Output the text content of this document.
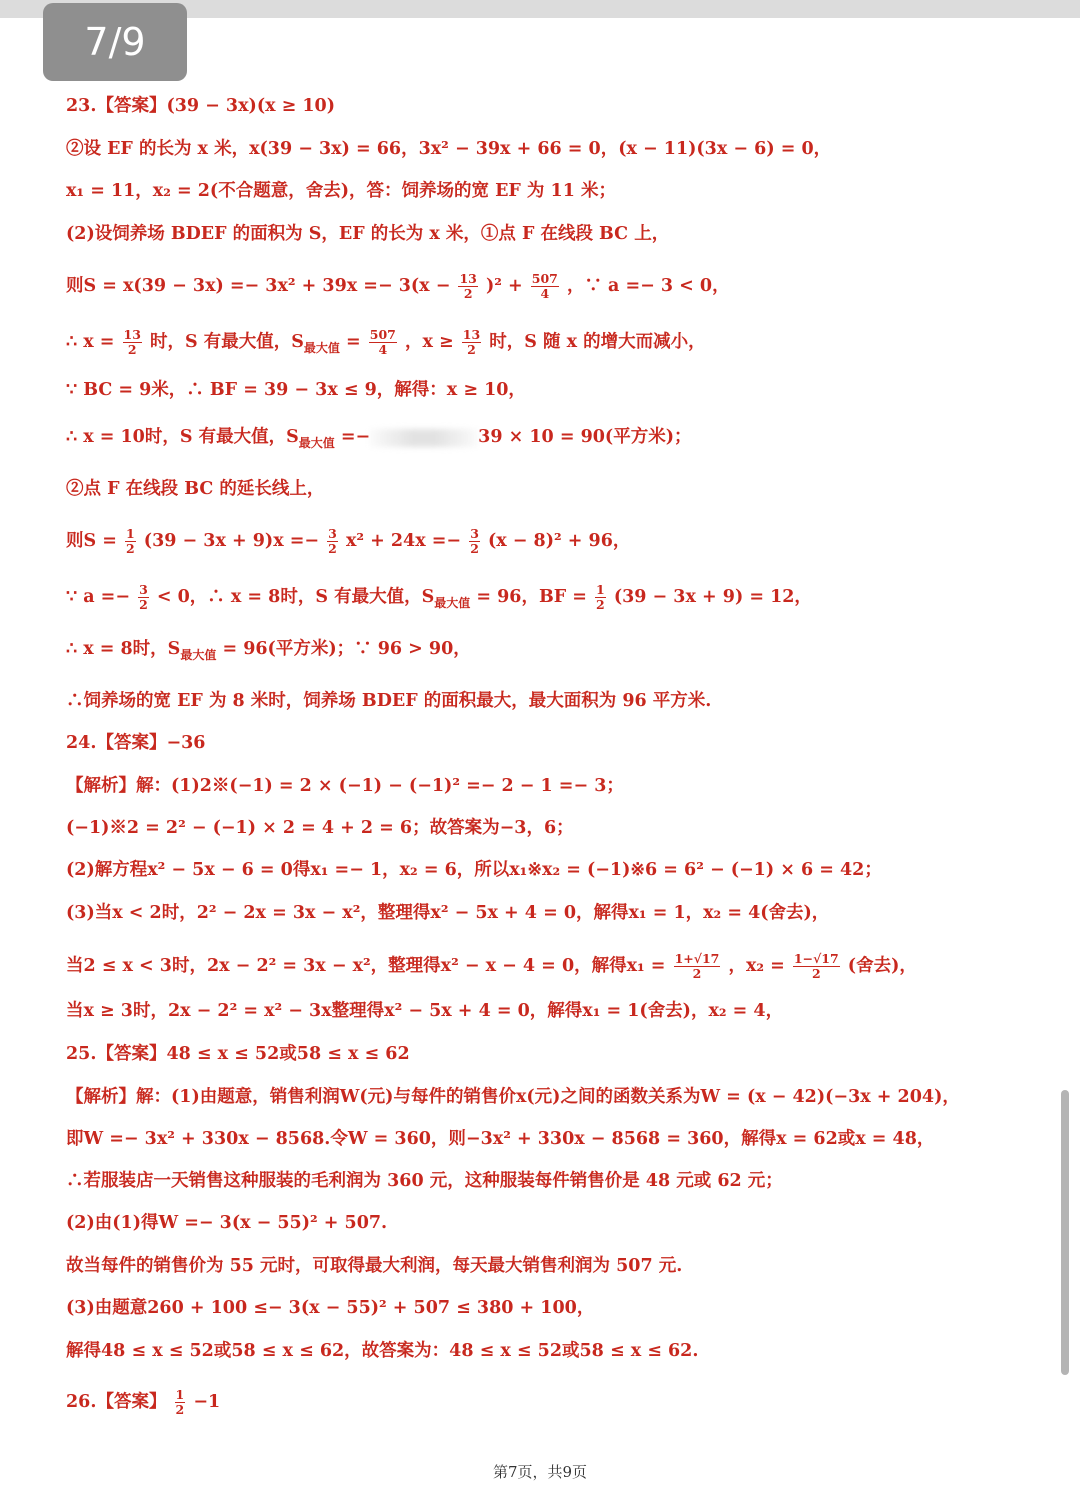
7/9
23.【答案】(39 − 3x)(x ≥ 10)
②设 EF 的长为 x 米，x(39 − 3x) = 66，3x² − 39x + 66 = 0，(x − 11)(3x − 6) = 0，
x₁ = 11，x₂ = 2(不合题意，舍去)，答：饲养场的宽 EF 为 11 米；
(2)设饲养场 BDEF 的面积为 S，EF 的长为 x 米，①点 F 在线段 BC 上，
则$S = x(39 - 3x) =- 3x^2 + 39x =- 3(x - \frac{13}{2} )^2 + \frac{507}{4}$ ，∵ a =− 3 < 0，
∴ $x = \frac{13}{2}$ 时，S 有最大值，$S_{最大值} = \frac{507}{4}$ ，$x \ge \frac{13}{2}$ 时，S 随 x 的增大而减小，
∵ BC = 9米，∴ BF = 39 − 3x ≤ 9，解得：x ≥ 10，
∴ x = 10时，S 有最大值，$S_{最大值}$ =−	39 × 10 = 90(平方米)；
②点 F 在线段 BC 的延长线上，
则$S = \frac{1}{2} (39 - 3x + 9)x =- \frac{3}{2} x^2 + 24x =- \frac{3}{2} (x - 8)^2 + 96$，
∵ $a =- \frac{3}{2} < 0$，∴ x = 8时，S 有最大值，$S_{最大值} = 96$，BF = $\frac{1}{2} (39 - 3x + 9) = 12$，
∴ x = 8时，$S_{最大值} = 96$(平方米)；∵ 96 > 90，
∴饲养场的宽 EF 为 8 米时，饲养场 BDEF 的面积最大，最大面积为 96 平方米.
24.【答案】−36
【解析】解：(1)2※(−1) = 2 × (−1) − (−1)² =− 2 − 1 =− 3；
(−1)※2 = 2² − (−1) × 2 = 4 + 2 = 6；故答案为−3，6；
(2)解方程x² − 5x − 6 = 0得x₁ =− 1，x₂ = 6，所以x₁※x₂ = (−1)※6 = 6² − (−1) × 6 = 42；
(3)当x < 2时，2² − 2x = 3x − x²，整理得x² − 5x + 4 = 0，解得x₁ = 1，x₂ = 4(舍去)，
当2 ≤ x < 3时，2x − 2² = 3x − x²，整理得x² − x − 4 = 0，解得$x_1 = \frac{1+√17}{2}$ ，$x_2 = \frac{1-√17}{2}$ (舍去)，
当x ≥ 3时，2x − 2² = x² − 3x整理得x² − 5x + 4 = 0，解得x₁ = 1(舍去)，x₂ = 4，
25.【答案】48 ≤ x ≤ 52或58 ≤ x ≤ 62
【解析】解：(1)由题意，销售利润W(元)与每件的销售价x(元)之间的函数关系为W = (x − 42)(−3x + 204)，
即W =− 3x² + 330x − 8568.令W = 360，则−3x² + 330x − 8568 = 360，解得x = 62或x = 48，
∴若服装店一天销售这种服装的毛利润为 360 元，这种服装每件销售价是 48 元或 62 元；
(2)由(1)得W =− 3(x − 55)² + 507.
故当每件的销售价为 55 元时，可取得最大利润，每天最大销售利润为 507 元.
(3)由题意260 + 100 ≤− 3(x − 55)² + 507 ≤ 380 + 100，
解得48 ≤ x ≤ 52或58 ≤ x ≤ 62，故答案为：48 ≤ x ≤ 52或58 ≤ x ≤ 62.
26.【答案】 $\frac{1}{2} -1$
第7页，共9页
